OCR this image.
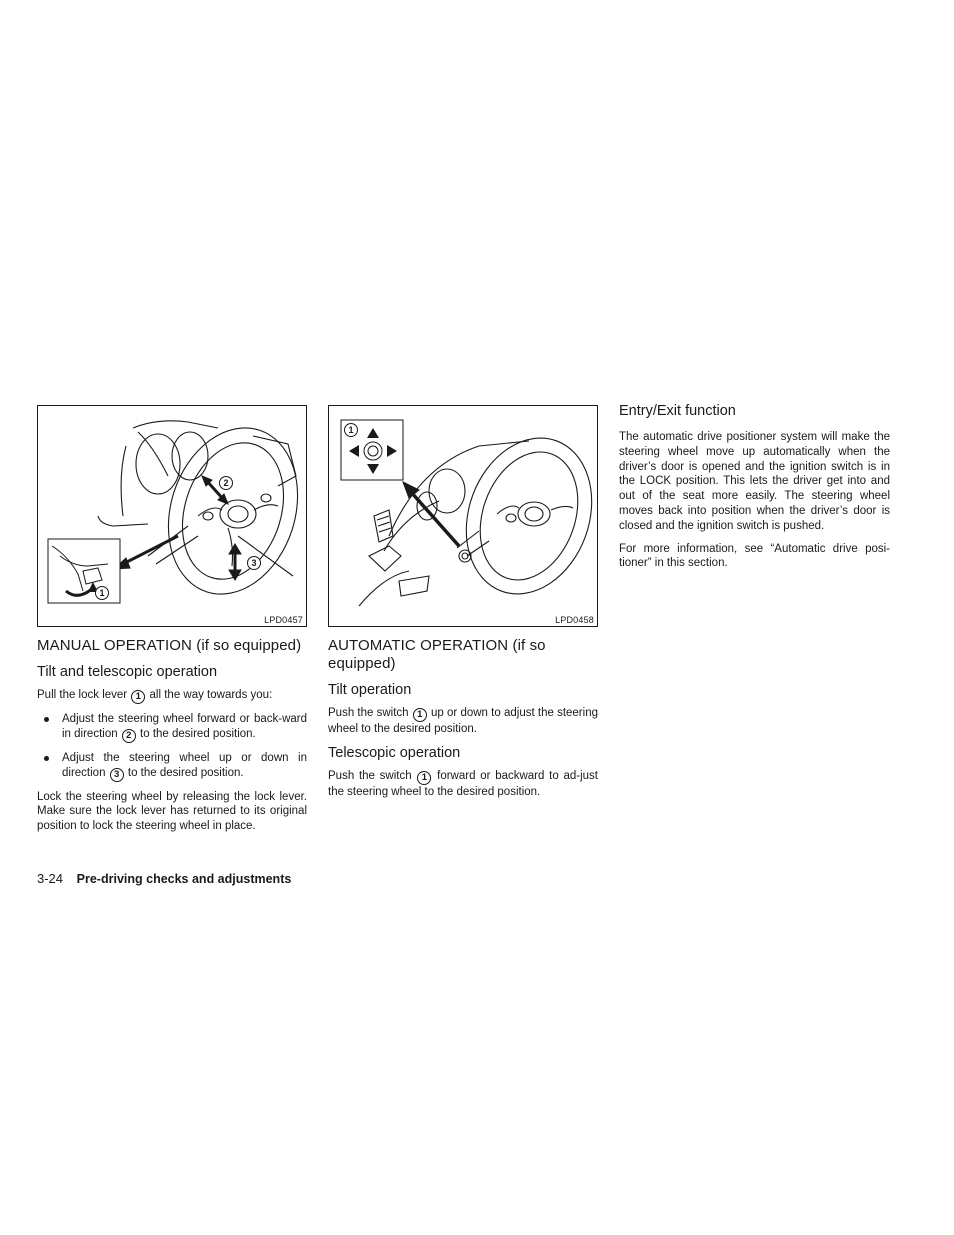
1
2
3
LPD0457
MANUAL OPERATION (if so equipped)
Tilt and telescopic operation

Pull the lock lever 1 all the way towards you:

Adjust the steering wheel forward or back-ward in direction 2 to the desired position.
Adjust the steering wheel up or down in direction 3 to the desired position.

Lock the steering wheel by releasing the lock lever. Make sure the lock lever has returned to its original position to lock the steering wheel in place.

1
LPD0458
AUTOMATIC OPERATION (if so equipped)
Tilt operation

Push the switch 1 up or down to adjust the steering wheel to the desired position.

Telescopic operation

Push the switch 1 forward or backward to ad-just the steering wheel to the desired position.

Entry/Exit function

The automatic drive positioner system will make the steering wheel move up automatically when the driver’s door is opened and the ignition switch is in the LOCK position. This lets the driver get into and out of the seat more easily. The steering wheel moves back into position when the driver’s door is closed and the ignition switch is pushed.

For more information, see “Automatic drive posi-tioner” in this section.

3-24 Pre-driving checks and adjustments
